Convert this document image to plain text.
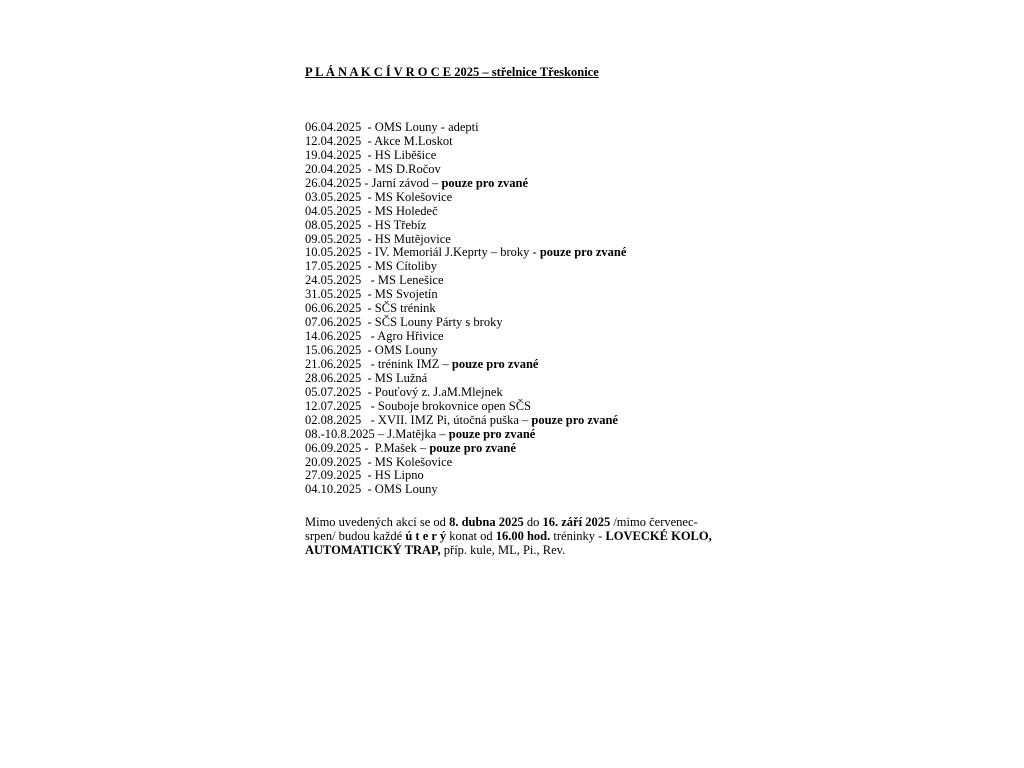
P L Á N A K C Í V R O C E 2025 – střelnice Třeskonice
06.04.2025  - OMS Louny - adepti
12.04.2025  - Akce M.Loskot
19.04.2025  - HS Liběšice
20.04.2025  - MS D.Ročov
26.04.2025 - Jarní závod – pouze pro zvané
03.05.2025  - MS Kolešovice
04.05.2025  - MS Holedeč
08.05.2025  - HS Třebíz
09.05.2025  - HS Mutějovice
10.05.2025  - IV. Memoriál J.Keprty – broky - pouze pro zvané
17.05.2025  - MS Cítoliby
24.05.2025   - MS Lenešice
31.05.2025  - MS Svojetín
06.06.2025  - SČS trénink
07.06.2025  - SČS Louny Párty s broky
14.06.2025   - Agro Hřivice
15.06.2025  - OMS Louny
21.06.2025   - trénink IMZ – pouze pro zvané
28.06.2025  - MS Lužná
05.07.2025  - Pouťový z. J.aM.Mlejnek
12.07.2025   - Souboje brokovnice open SČS
02.08.2025   - XVII. IMZ Pi, útočná puška – pouze pro zvané
08.-10.8.2025 – J.Matějka – pouze pro zvané
06.09.2025 -  P.Mašek – pouze pro zvané
20.09.2025  - MS Kolešovice
27.09.2025  - HS Lipno
04.10.2025  - OMS Louny

Mimo uvedených akcí se od 8. dubna 2025 do 16. září 2025 /mimo červenec-srpen/ budou každé ú t e r ý konat od 16.00 hod. tréninky - LOVECKÉ KOLO, AUTOMATICKÝ TRAP, příp. kule, ML, Pi., Rev.
